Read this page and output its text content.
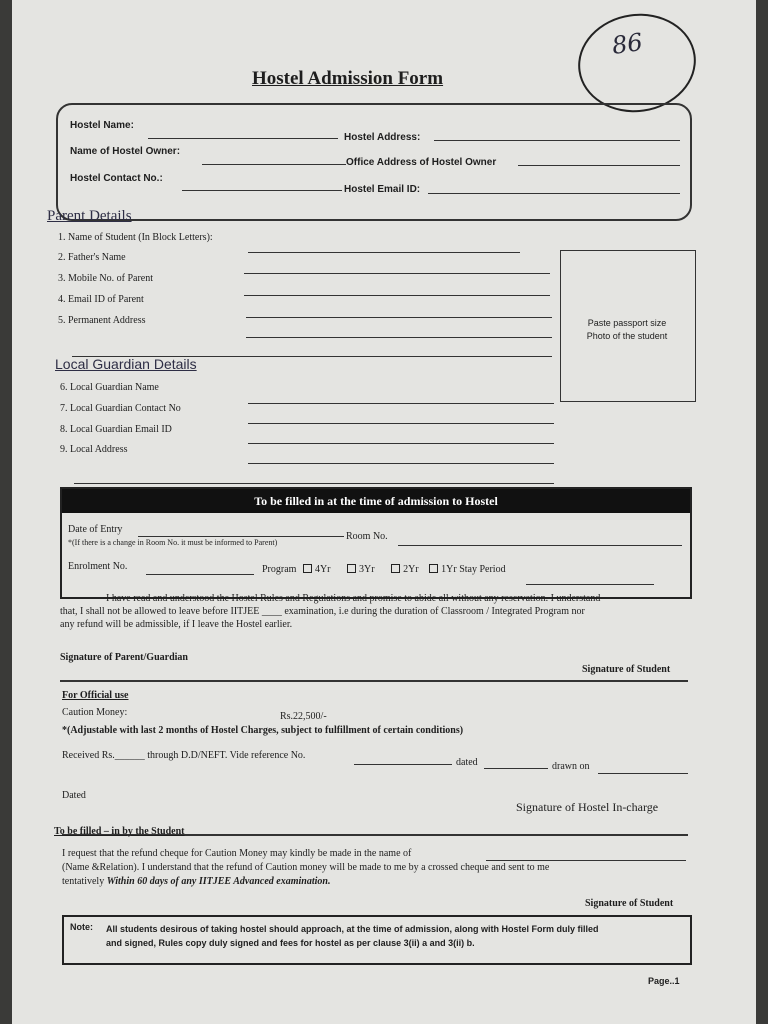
Hostel Admission Form
86
Hostel Name:
Hostel Address:
Name of Hostel Owner:
Office Address of Hostel Owner
Hostel Contact No.:
Hostel Email ID:
Parent Details
1. Name of Student (In Block Letters):
2. Father's Name
3. Mobile No. of Parent
4. Email ID of Parent
5. Permanent Address	Paste passport size
Photo of the student
Local Guardian Details
6. Local Guardian Name
7. Local Guardian Contact No
8. Local Guardian Email ID
9. Local Address
To be filled in at the time of admission to Hostel
Date of Entry
Room No.
*(If there is a change in Room No. it must be informed to Parent)
Enrolment No.	Program 4Yr	3Yr	2Yr 1Yr Stay Period
I have read and understood the Hostel Rules and Regulations and promise to abide all without any reservation. I understand
that, I shall not be allowed to leave before IITJEE ____ examination, i.e during the duration of Classroom / Integrated Program nor
any refund will be admissible, if I leave the Hostel earlier.
Signature of Parent/Guardian
Signature of Student
For Official use
Caution Money:	Rs.22,500/-
*(Adjustable with last 2 months of Hostel Charges, subject to fulfillment of certain conditions)
Received Rs.______ through D.D/NEFT. Vide reference No.
dated	drawn on
Dated
Signature of Hostel In-charge
To be filled – in by the Student
I request that the refund cheque for Caution Money may kindly be made in the name of
(Name &Relation). I understand that the refund of Caution money will be made to me by a crossed cheque and sent to me
tentatively Within 60 days of any IITJEE Advanced examination.
Signature of Student
Note: All students desirous of taking hostel should approach, at the time of admission, along with Hostel Form duly filled
and signed, Rules copy duly signed and fees for hostel as per clause 3(ii) a and 3(ii) b.
Page..1
